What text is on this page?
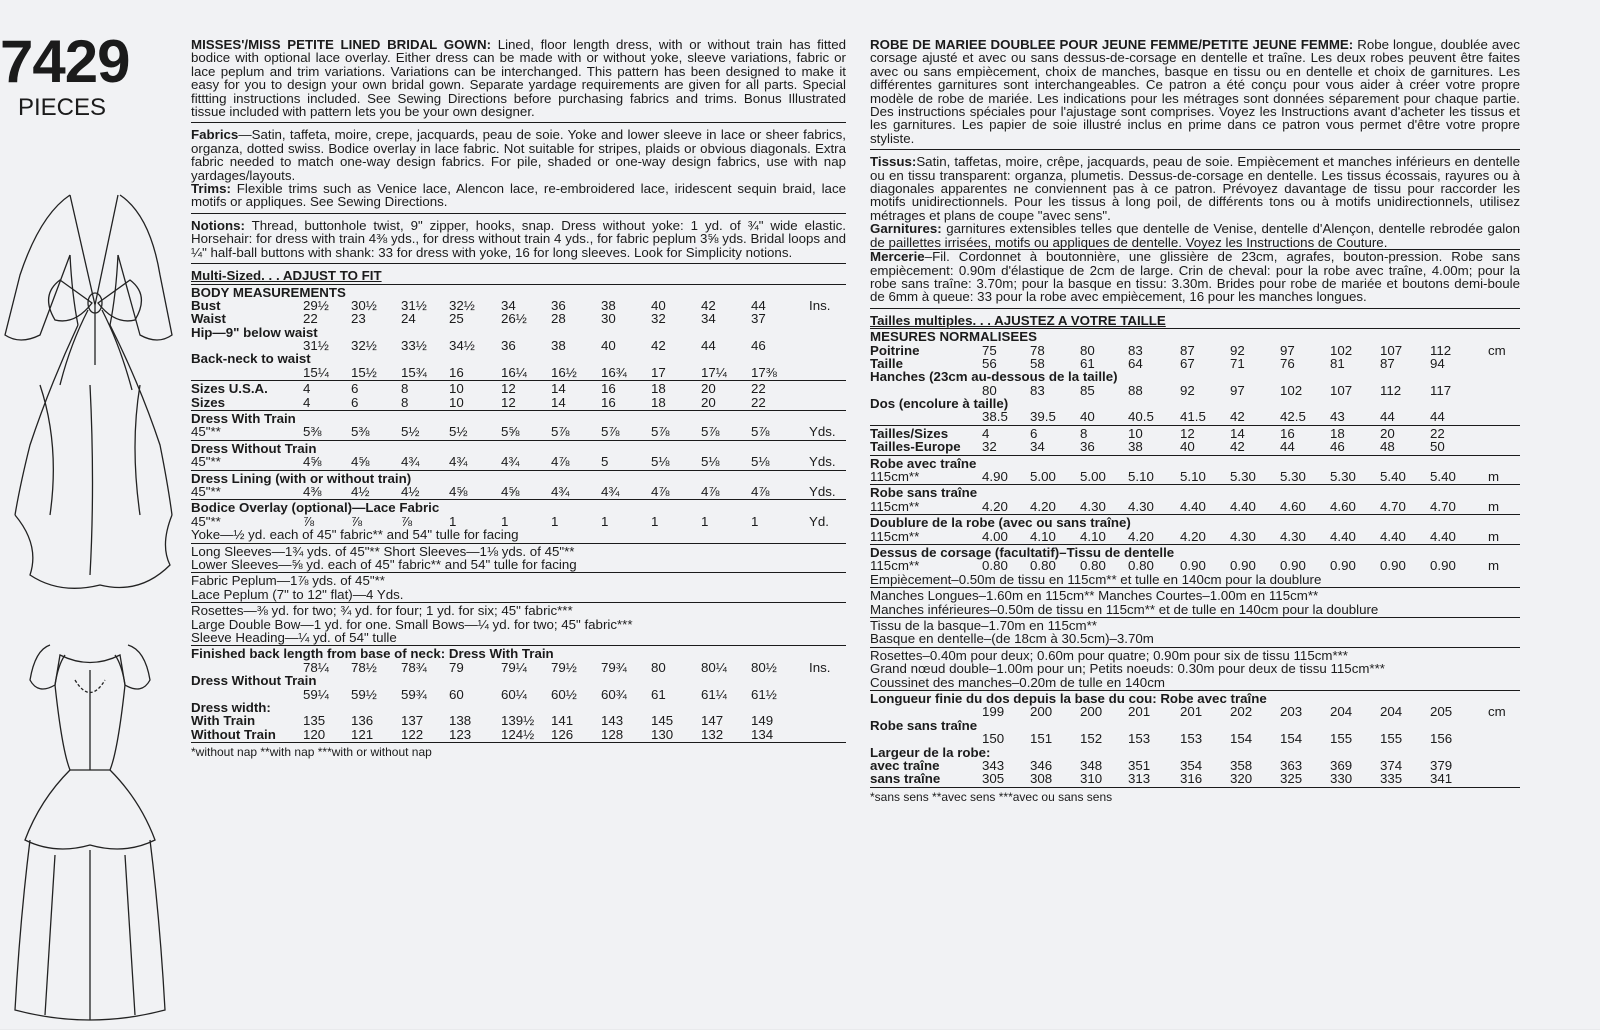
7429
PIECES

MISSES'/MISS PETITE LINED BRIDAL GOWN: Lined, floor length dress, with or without train has fitted bodice with optional lace overlay. Either dress can be made with or without yoke, sleeve variations, fabric or lace peplum and trim variations. Variations can be interchanged. This pattern has been designed to make it easy for you to design your own bridal gown. Separate yardage requirements are given for all parts. Special fittting instructions included. See Sewing Directions before purchasing fabrics and trims. Bonus Illustrated tissue included with pattern lets you be your own designer.

Fabrics—Satin, taffeta, moire, crepe, jacquards, peau de soie. Yoke and lower sleeve in lace or sheer fabrics, organza, dotted swiss. Bodice overlay in lace fabric. Not suitable for stripes, plaids or obvious diagonals. Extra fabric needed to match one-way design fabrics. For pile, shaded or one-way design fabrics, use with nap yardages/layouts.
Trims: Flexible trims such as Venice lace, Alencon lace, re-embroidered lace, iridescent sequin braid, lace motifs or appliques. See Sewing Directions.

Notions: Thread, buttonhole twist, 9" zipper, hooks, snap. Dress without yoke: 1 yd. of ¾" wide elastic. Horsehair: for dress with train 4⅜ yds., for dress without train 4 yds., for fabric peplum 3⅝ yds. Bridal loops and ¼" half-ball buttons with shank: 33 for dress with yoke, 16 for long sleeves. Look for Simplicity notions.

Multi-Sized. . . ADJUST TO FIT
BODY MEASUREMENTS
Bust	29½ 30½ 31½ 32½ 34	36	38	40	42	44	Ins.
Waist	22 23	24 25	26½ 28	30	32	34	37
Hip—9" below waist
31½ 32½ 33½ 34½ 36	38	40	42	44	46
Back-neck to waist
15¼ 15½ 15¾ 16	16¼ 16½ 16¾ 17	17¼ 17⅜
Sizes U.S.A.	4	6	8	10	12	14	16	18	20	22
Sizes	4	6	8	10	12	14	16	18	20	22
Dress With Train
45"**	5⅜ 5⅜ 5½ 5½	5⅝ 5⅞ 5⅞ 5⅞ 5⅞ 5⅞	Yds.
Dress Without Train
45"**	4⅝ 4⅝ 4¾ 4¾	4¾ 4⅞ 5	5⅛ 5⅛ 5⅛	Yds.
Dress Lining (with or without train)
45"**	4⅜ 4½ 4½ 4⅝	4⅝ 4¾ 4¾ 4⅞ 4⅞ 4⅞	Yds.
Bodice Overlay (optional)—Lace Fabric
45"**	⅞	⅞	⅞	1	1	1	1	1	1	1	Yd.
Yoke—½ yd. each of 45" fabric** and 54" tulle for facing
Long Sleeves—1¾ yds. of 45"** Short Sleeves—1⅛ yds. of 45"**
Lower Sleeves—⅝ yd. each of 45" fabric** and 54" tulle for facing
Fabric Peplum—1⅞ yds. of 45"**
Lace Peplum (7" to 12" flat)—4 Yds.
Rosettes—⅜ yd. for two; ¾ yd. for four; 1 yd. for six; 45" fabric***
Large Double Bow—1 yd. for one. Small Bows—¼ yd. for two; 45" fabric***
Sleeve Heading—¼ yd. of 54" tulle
Finished back length from base of neck: Dress With Train
78¼ 78½ 78¾ 79	79¼ 79½ 79¾ 80	80¼ 80½ Ins.
Dress Without Train
59¼ 59½ 59¾ 60	60¼ 60½ 60¾ 61	61¼ 61½
Dress width:
With Train	135 136 137 138 139½ 141 143 145 147 149
Without Train 120 121 122 123 124½ 126 128 130 132 134
*without nap **with nap ***with or without nap

ROBE DE MARIEE DOUBLEE POUR JEUNE FEMME/PETITE JEUNE FEMME: Robe longue, doublée avec corsage ajusté et avec ou sans dessus-de-corsage en dentelle et traîne. Les deux robes peuvent être faites avec ou sans empiècement, choix de manches, basque en tissu ou en dentelle et choix de garnitures. Les différentes garnitures sont interchangeables. Ce patron a été conçu pour vous aider à créer votre propre modèle de robe de mariée. Les indications pour les métrages sont données séparement pour chaque partie. Des instructions spéciales pour l'ajustage sont comprises. Voyez les Instructions avant d'acheter les tissus et les garnitures. Les papier de soie illustré inclus en prime dans ce patron vous permet d'être votre propre styliste.

Tissus:Satin, taffetas, moire, crêpe, jacquards, peau de soie. Empiècement et manches inférieurs en dentelle ou en tissu transparent: organza, plumetis. Dessus-de-corsage en dentelle. Les tissus écossais, rayures ou à diagonales apparentes ne conviennent pas à ce patron. Prévoyez davantage de tissu pour raccorder les motifs unidirectionnels. Pour les tissus à long poil, de différents tons ou à motifs unidirectionnels, utilisez métrages et plans de coupe "avec sens".
Garnitures: garnitures extensibles telles que dentelle de Venise, dentelle d'Alençon, dentelle rebrodée galon de paillettes irrisées, motifs ou appliques de dentelle. Voyez les Instructions de Couture.

Mercerie–Fil. Cordonnet à boutonnière, une glissière de 23cm, agrafes, bouton-pression. Robe sans empiècement: 0.90m d'élastique de 2cm de large. Crin de cheval: pour la robe avec traîne, 4.00m; pour la robe sans traîne: 3.70m; pour la basque en tissu: 3.30m. Brides pour robe de mariée et boutons demi-boule de 6mm à queue: 33 pour la robe avec empiècement, 16 pour les manches longues.

Tailles multiples. . . AJUSTEZ A VOTRE TAILLE
MESURES NORMALISEES
Poitrine	75 78	80 83	87	92	97	102 107 112	cm
Taille	56 58	61 64	67	71	76	81	87	94
Hanches (23cm au-dessous de la taille)
80 83	85 88	92	97	102 107 112 117
Dos (encolure à taille)
38.5 39.5 40 40.5 41.5 42	42.5 43	44	44
Tailles/Sizes	4	6	8	10	12	14	16	18	20	22
Tailles-Europe 32 34	36 38	40	42	44	46	48	50
Robe avec traîne
115cm**	4.90 5.00 5.00 5.10 5.10 5.30 5.30 5.30 5.40 5.40 m
Robe sans traîne
115cm**	4.20 4.20 4.30 4.30 4.40 4.40 4.60 4.60 4.70 4.70 m
Doublure de la robe (avec ou sans traîne)
115cm**	4.00 4.10 4.10 4.20 4.20 4.30 4.30 4.40 4.40 4.40 m
Dessus de corsage (facultatif)–Tissu de dentelle
115cm**	0.80 0.80 0.80 0.80 0.90 0.90 0.90 0.90 0.90 0.90 m
Empiècement–0.50m de tissu en 115cm** et tulle en 140cm pour la doublure
Manches Longues–1.60m en 115cm** Manches Courtes–1.00m en 115cm**
Manches inférieures–0.50m de tissu en 115cm** et de tulle en 140cm pour la doublure
Tissu de la basque–1.70m en 115cm**
Basque en dentelle–(de 18cm à 30.5cm)–3.70m
Rosettes–0.40m pour deux; 0.60m pour quatre; 0.90m pour six de tissu 115cm***
Grand nœud double–1.00m pour un; Petits noeuds: 0.30m pour deux de tissu 115cm***
Coussinet des manches–0.20m de tulle en 140cm
Longueur finie du dos depuis la base du cou: Robe avec traîne
199 200 200 201 201 202 203 204 204 205	cm
Robe sans traîne
150 151 152 153 153 154 154 155 155 156
Largeur de la robe:
avec traîne	343 346 348 351 354 358 363 369 374 379
sans traîne	305 308 310 313 316 320 325 330 335 341
*sans sens **avec sens ***avec ou sans sens
